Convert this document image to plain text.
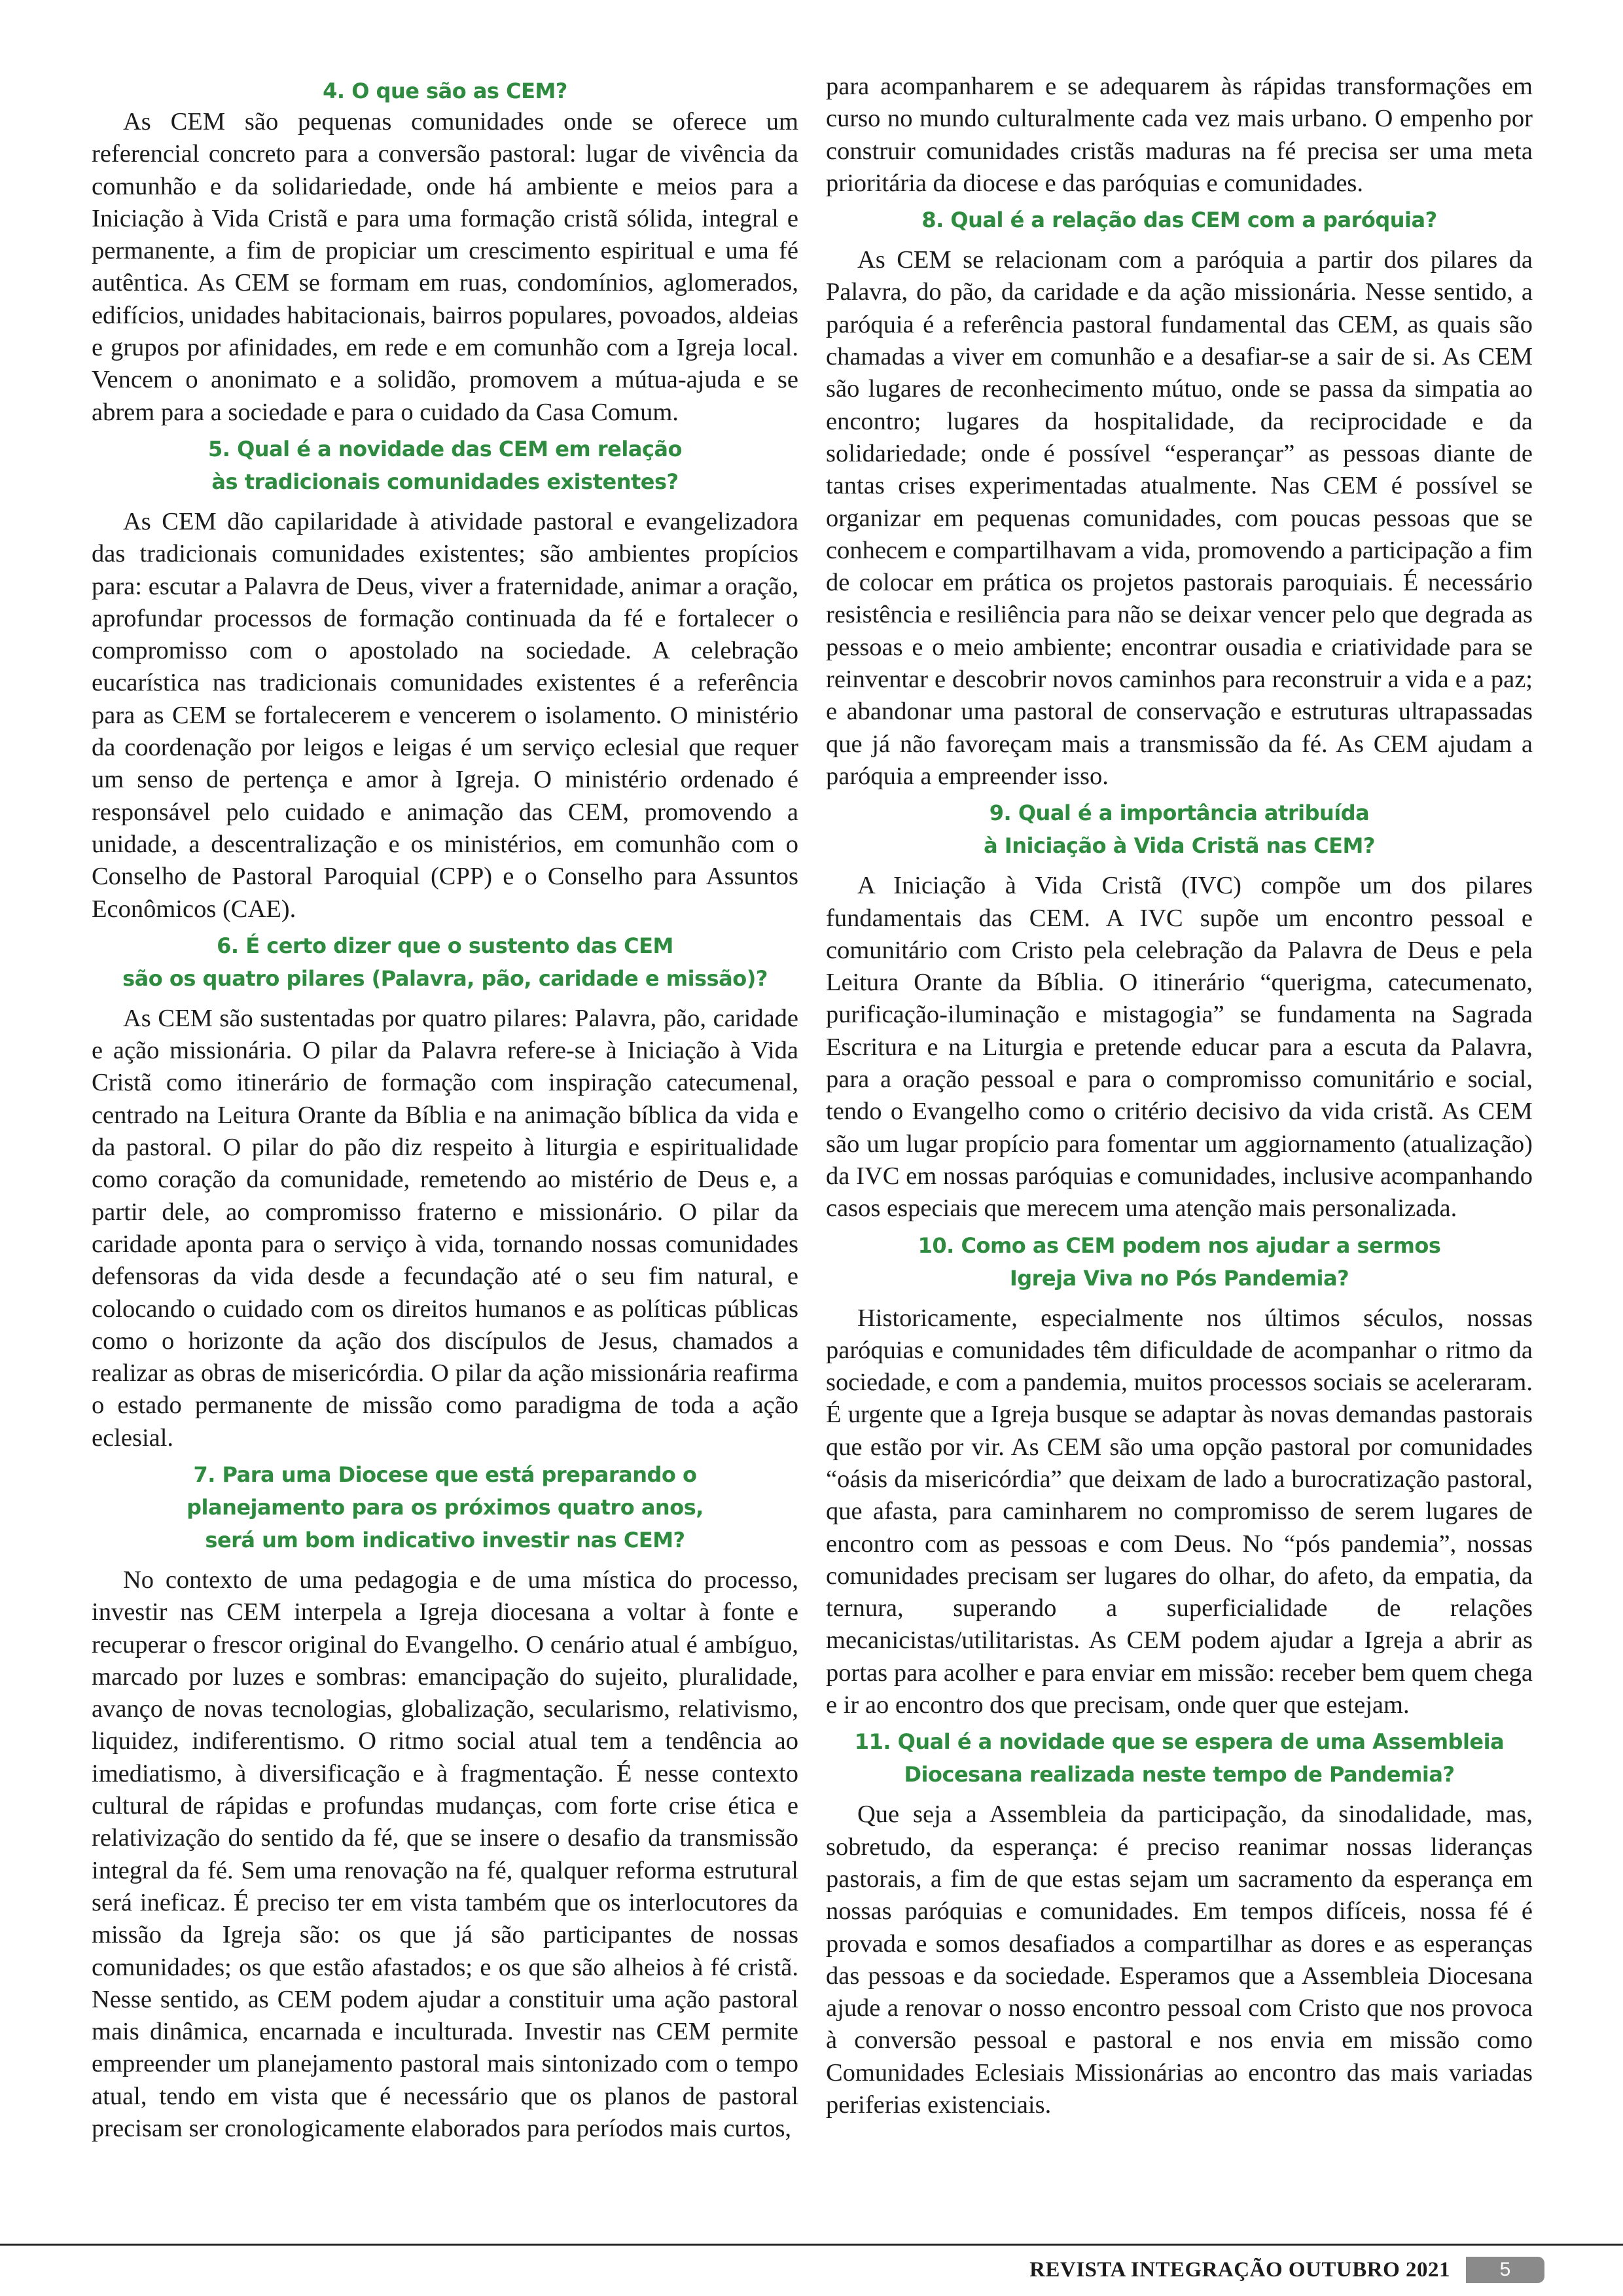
4. O que são as CEM?

As CEM são pequenas comunidades onde se oferece um referencial concreto para a conversão pastoral: lugar de vivência da comunhão e da solidariedade, onde há ambiente e meios para a Iniciação à Vida Cristã e para uma formação cristã sólida, integral e permanente, a fim de propiciar um crescimento espiritual e uma fé autêntica. As CEM se formam em ruas, condomínios, aglomerados, edifícios, unidades habitacionais, bairros populares, povoados, aldeias e grupos por afinidades, em rede e em comunhão com a Igreja local. Vencem o anonimato e a solidão, promovem a mútua-ajuda e se abrem para a sociedade e para o cuidado da Casa Comum.

5. Qual é a novidade das CEM em relação
às tradicionais comunidades existentes?

As CEM dão capilaridade à atividade pastoral e evangelizadora das tradicionais comunidades existentes; são ambientes propícios para: escutar a Palavra de Deus, viver a fraternidade, animar a oração, aprofundar processos de formação continuada da fé e fortalecer o compromisso com o apostolado na sociedade. A celebração eucarística nas tradicionais comunidades existentes é a referência para as CEM se fortalecerem e vencerem o isolamento. O ministério da coordenação por leigos e leigas é um serviço eclesial que requer um senso de pertença e amor à Igreja. O ministério ordenado é responsável pelo cuidado e animação das CEM, promovendo a unidade, a descentralização e os ministérios, em comunhão com o Conselho de Pastoral Paroquial (CPP) e o Conselho para Assuntos Econômicos (CAE).

6. É certo dizer que o sustento das CEM
são os quatro pilares (Palavra, pão, caridade e missão)?

As CEM são sustentadas por quatro pilares: Palavra, pão, caridade e ação missionária. O pilar da Palavra refere-se à Iniciação à Vida Cristã como itinerário de formação com inspiração catecumenal, centrado na Leitura Orante da Bíblia e na animação bíblica da vida e da pastoral. O pilar do pão diz respeito à liturgia e espiritualidade como coração da comunidade, remetendo ao mistério de Deus e, a partir dele, ao compromisso fraterno e missionário. O pilar da caridade aponta para o serviço à vida, tornando nossas comunidades defensoras da vida desde a fecundação até o seu fim natural, e colocando o cuidado com os direitos humanos e as políticas públicas como o horizonte da ação dos discípulos de Jesus, chamados a realizar as obras de misericórdia. O pilar da ação missionária reafirma o estado permanente de missão como paradigma de toda a ação eclesial.

7. Para uma Diocese que está preparando o
planejamento para os próximos quatro anos,
será um bom indicativo investir nas CEM?

No contexto de uma pedagogia e de uma mística do processo, investir nas CEM interpela a Igreja diocesana a voltar à fonte e recuperar o frescor original do Evangelho. O cenário atual é ambíguo, marcado por luzes e sombras: emancipação do sujeito, pluralidade, avanço de novas tecnologias, globalização, secularismo, relativismo, liquidez, indiferentismo. O ritmo social atual tem a tendência ao imediatismo, à diversificação e à fragmentação. É nesse contexto cultural de rápidas e profundas mudanças, com forte crise ética e relativização do sentido da fé, que se insere o desafio da transmissão integral da fé. Sem uma renovação na fé, qualquer reforma estrutural será ineficaz. É preciso ter em vista também que os interlocutores da missão da Igreja são: os que já são participantes de nossas comunidades; os que estão afastados; e os que são alheios à fé cristã. Nesse sentido, as CEM podem ajudar a constituir uma ação pastoral mais dinâmica, encarnada e inculturada. Investir nas CEM permite empreender um planejamento pastoral mais sintonizado com o tempo atual, tendo em vista que é necessário que os planos de pastoral precisam ser cronologicamente elaborados para períodos mais curtos,

para acompanharem e se adequarem às rápidas transformações em curso no mundo culturalmente cada vez mais urbano. O empenho por construir comunidades cristãs maduras na fé precisa ser uma meta prioritária da diocese e das paróquias e comunidades.

8. Qual é a relação das CEM com a paróquia?

As CEM se relacionam com a paróquia a partir dos pilares da Palavra, do pão, da caridade e da ação missionária. Nesse sentido, a paróquia é a referência pastoral fundamental das CEM, as quais são chamadas a viver em comunhão e a desafiar-se a sair de si. As CEM são lugares de reconhecimento mútuo, onde se passa da simpatia ao encontro; lugares da hospitalidade, da reciprocidade e da solidariedade; onde é possível “esperançar” as pessoas diante de tantas crises experimentadas atualmente. Nas CEM é possível se organizar em pequenas comunidades, com poucas pessoas que se conhecem e compartilhavam a vida, promovendo a participação a fim de colocar em prática os projetos pastorais paroquiais. É necessário resistência e resiliência para não se deixar vencer pelo que degrada as pessoas e o meio ambiente; encontrar ousadia e criatividade para se reinventar e descobrir novos caminhos para reconstruir a vida e a paz; e abandonar uma pastoral de conservação e estruturas ultrapassadas que já não favoreçam mais a transmissão da fé. As CEM ajudam a paróquia a empreender isso.

9. Qual é a importância atribuída
à Iniciação à Vida Cristã nas CEM?

A Iniciação à Vida Cristã (IVC) compõe um dos pilares fundamentais das CEM. A IVC supõe um encontro pessoal e comunitário com Cristo pela celebração da Palavra de Deus e pela Leitura Orante da Bíblia. O itinerário “querigma, catecumenato, purificação-iluminação e mistagogia” se fundamenta na Sagrada Escritura e na Liturgia e pretende educar para a escuta da Palavra, para a oração pessoal e para o compromisso comunitário e social, tendo o Evangelho como o critério decisivo da vida cristã. As CEM são um lugar propício para fomentar um aggiornamento (atualização) da IVC em nossas paróquias e comunidades, inclusive acompanhando casos especiais que merecem uma atenção mais personalizada.

10. Como as CEM podem nos ajudar a sermos
Igreja Viva no Pós Pandemia?

Historicamente, especialmente nos últimos séculos, nossas paróquias e comunidades têm dificuldade de acompanhar o ritmo da sociedade, e com a pandemia, muitos processos sociais se aceleraram. É urgente que a Igreja busque se adaptar às novas demandas pastorais que estão por vir. As CEM são uma opção pastoral por comunidades “oásis da misericórdia” que deixam de lado a burocratização pastoral, que afasta, para caminharem no compromisso de serem lugares de encontro com as pessoas e com Deus. No “pós pandemia”, nossas comunidades precisam ser lugares do olhar, do afeto, da empatia, da ternura, superando a superficialidade de relações mecanicistas/utilitaristas. As CEM podem ajudar a Igreja a abrir as portas para acolher e para enviar em missão: receber bem quem chega e ir ao encontro dos que precisam, onde quer que estejam.

11. Qual é a novidade que se espera de uma Assembleia
Diocesana realizada neste tempo de Pandemia?

Que seja a Assembleia da participação, da sinodalidade, mas, sobretudo, da esperança: é preciso reanimar nossas lideranças pastorais, a fim de que estas sejam um sacramento da esperança em nossas paróquias e comunidades. Em tempos difíceis, nossa fé é provada e somos desafiados a compartilhar as dores e as esperanças das pessoas e da sociedade. Esperamos que a Assembleia Diocesana ajude a renovar o nosso encontro pessoal com Cristo que nos provoca à conversão pessoal e pastoral e nos envia em missão como Comunidades Eclesiais Missionárias ao encontro das mais variadas periferias existenciais.

REVISTA INTEGRAÇÃO OUTUBRO 2021	5
